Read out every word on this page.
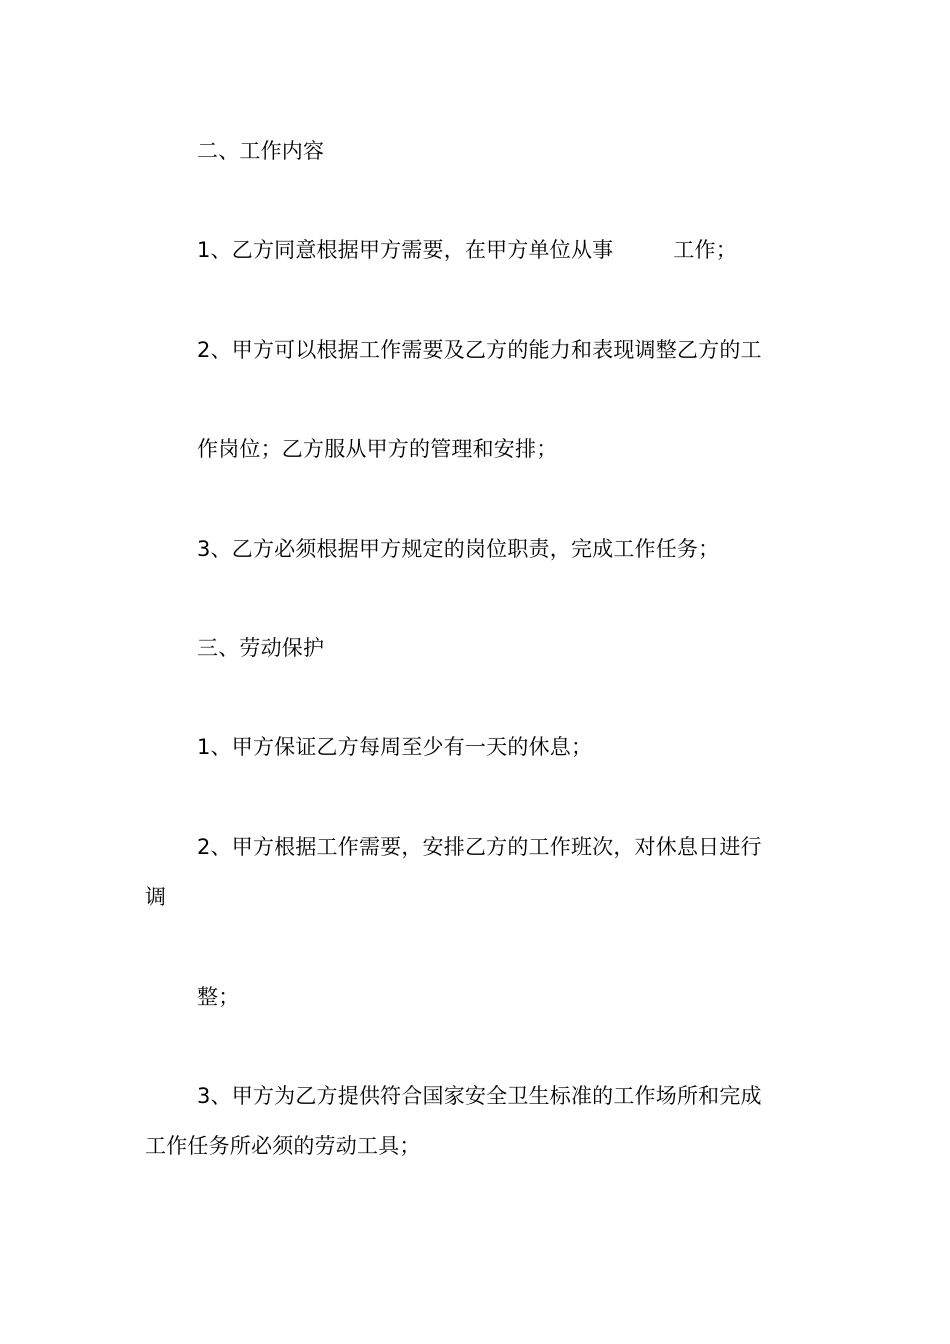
二、工作内容
1、乙方同意根据甲方需要，在甲方单位从事	工作；
2、甲方可以根据工作需要及乙方的能力和表现调整乙方的工
作岗位；乙方服从甲方的管理和安排；
3、乙方必须根据甲方规定的岗位职责，完成工作任务；
三、劳动保护
1、甲方保证乙方每周至少有一天的休息；
2、甲方根据工作需要，安排乙方的工作班次，对休息日进行
调
整；
3、甲方为乙方提供符合国家安全卫生标准的工作场所和完成
工作任务所必须的劳动工具；
